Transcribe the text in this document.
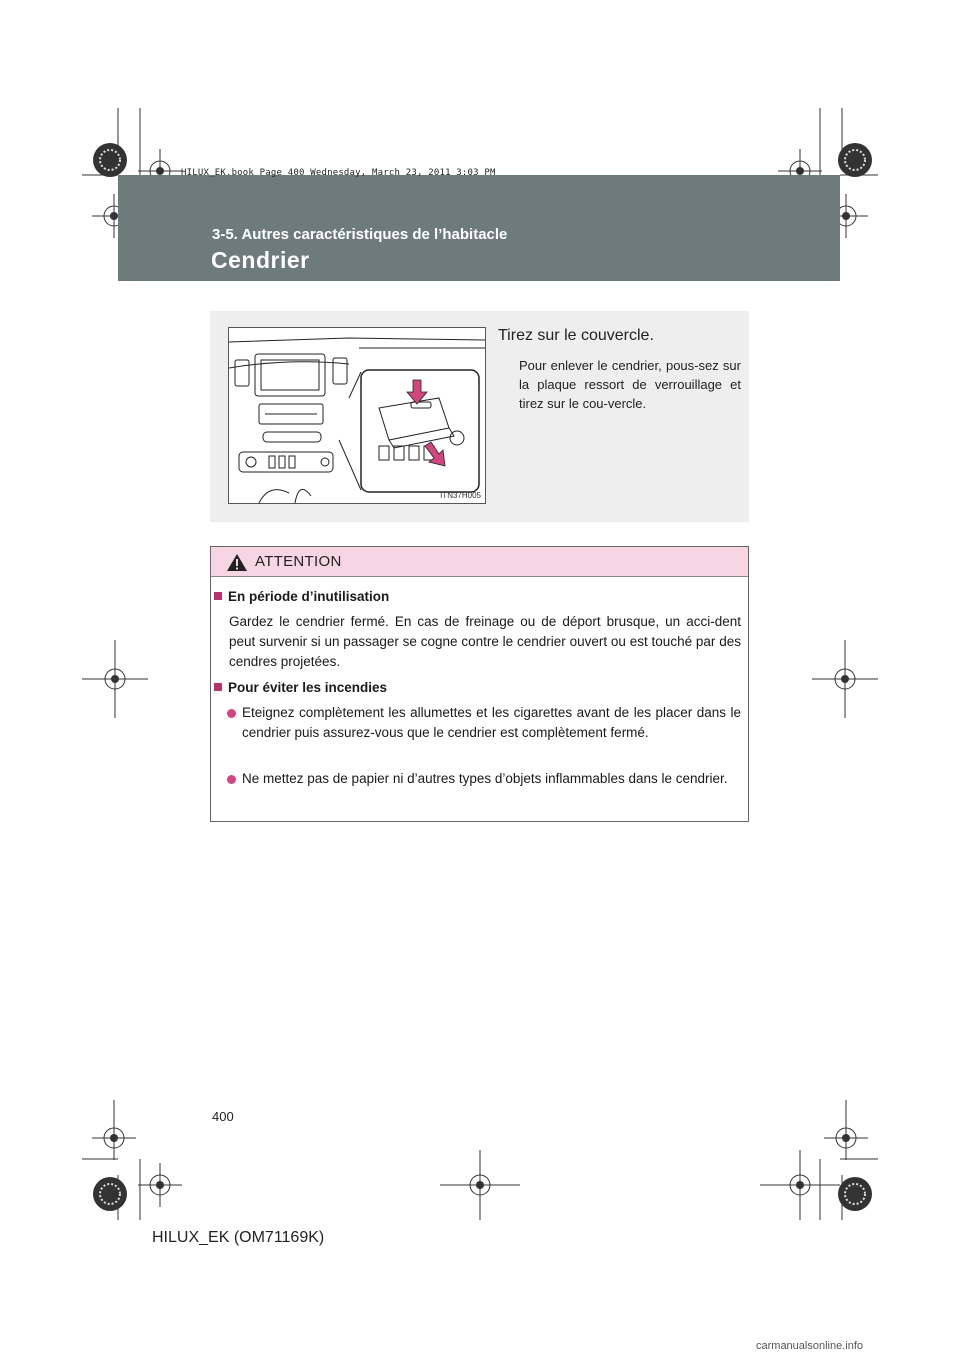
HILUX_EK.book Page 400 Wednesday, March 23, 2011 3:03 PM
3-5. Autres caractéristiques de l’habitacle
Cendrier
ITN37H005
Tirez sur le couvercle.
Pour enlever le cendrier, pous-sez sur la plaque ressort de verrouillage et tirez sur le cou-vercle.
ATTENTION
En période d’inutilisation
Gardez le cendrier fermé. En cas de freinage ou de déport brusque, un acci-dent peut survenir si un passager se cogne contre le cendrier ouvert ou est touché par des cendres projetées.
Pour éviter les incendies
Eteignez complètement les allumettes et les cigarettes avant de les placer dans le cendrier puis assurez-vous que le cendrier est complètement fermé.
Ne mettez pas de papier ni d’autres types d’objets inflammables dans le cendrier.
400
HILUX_EK (OM71169K)
carmanualsonline.info
